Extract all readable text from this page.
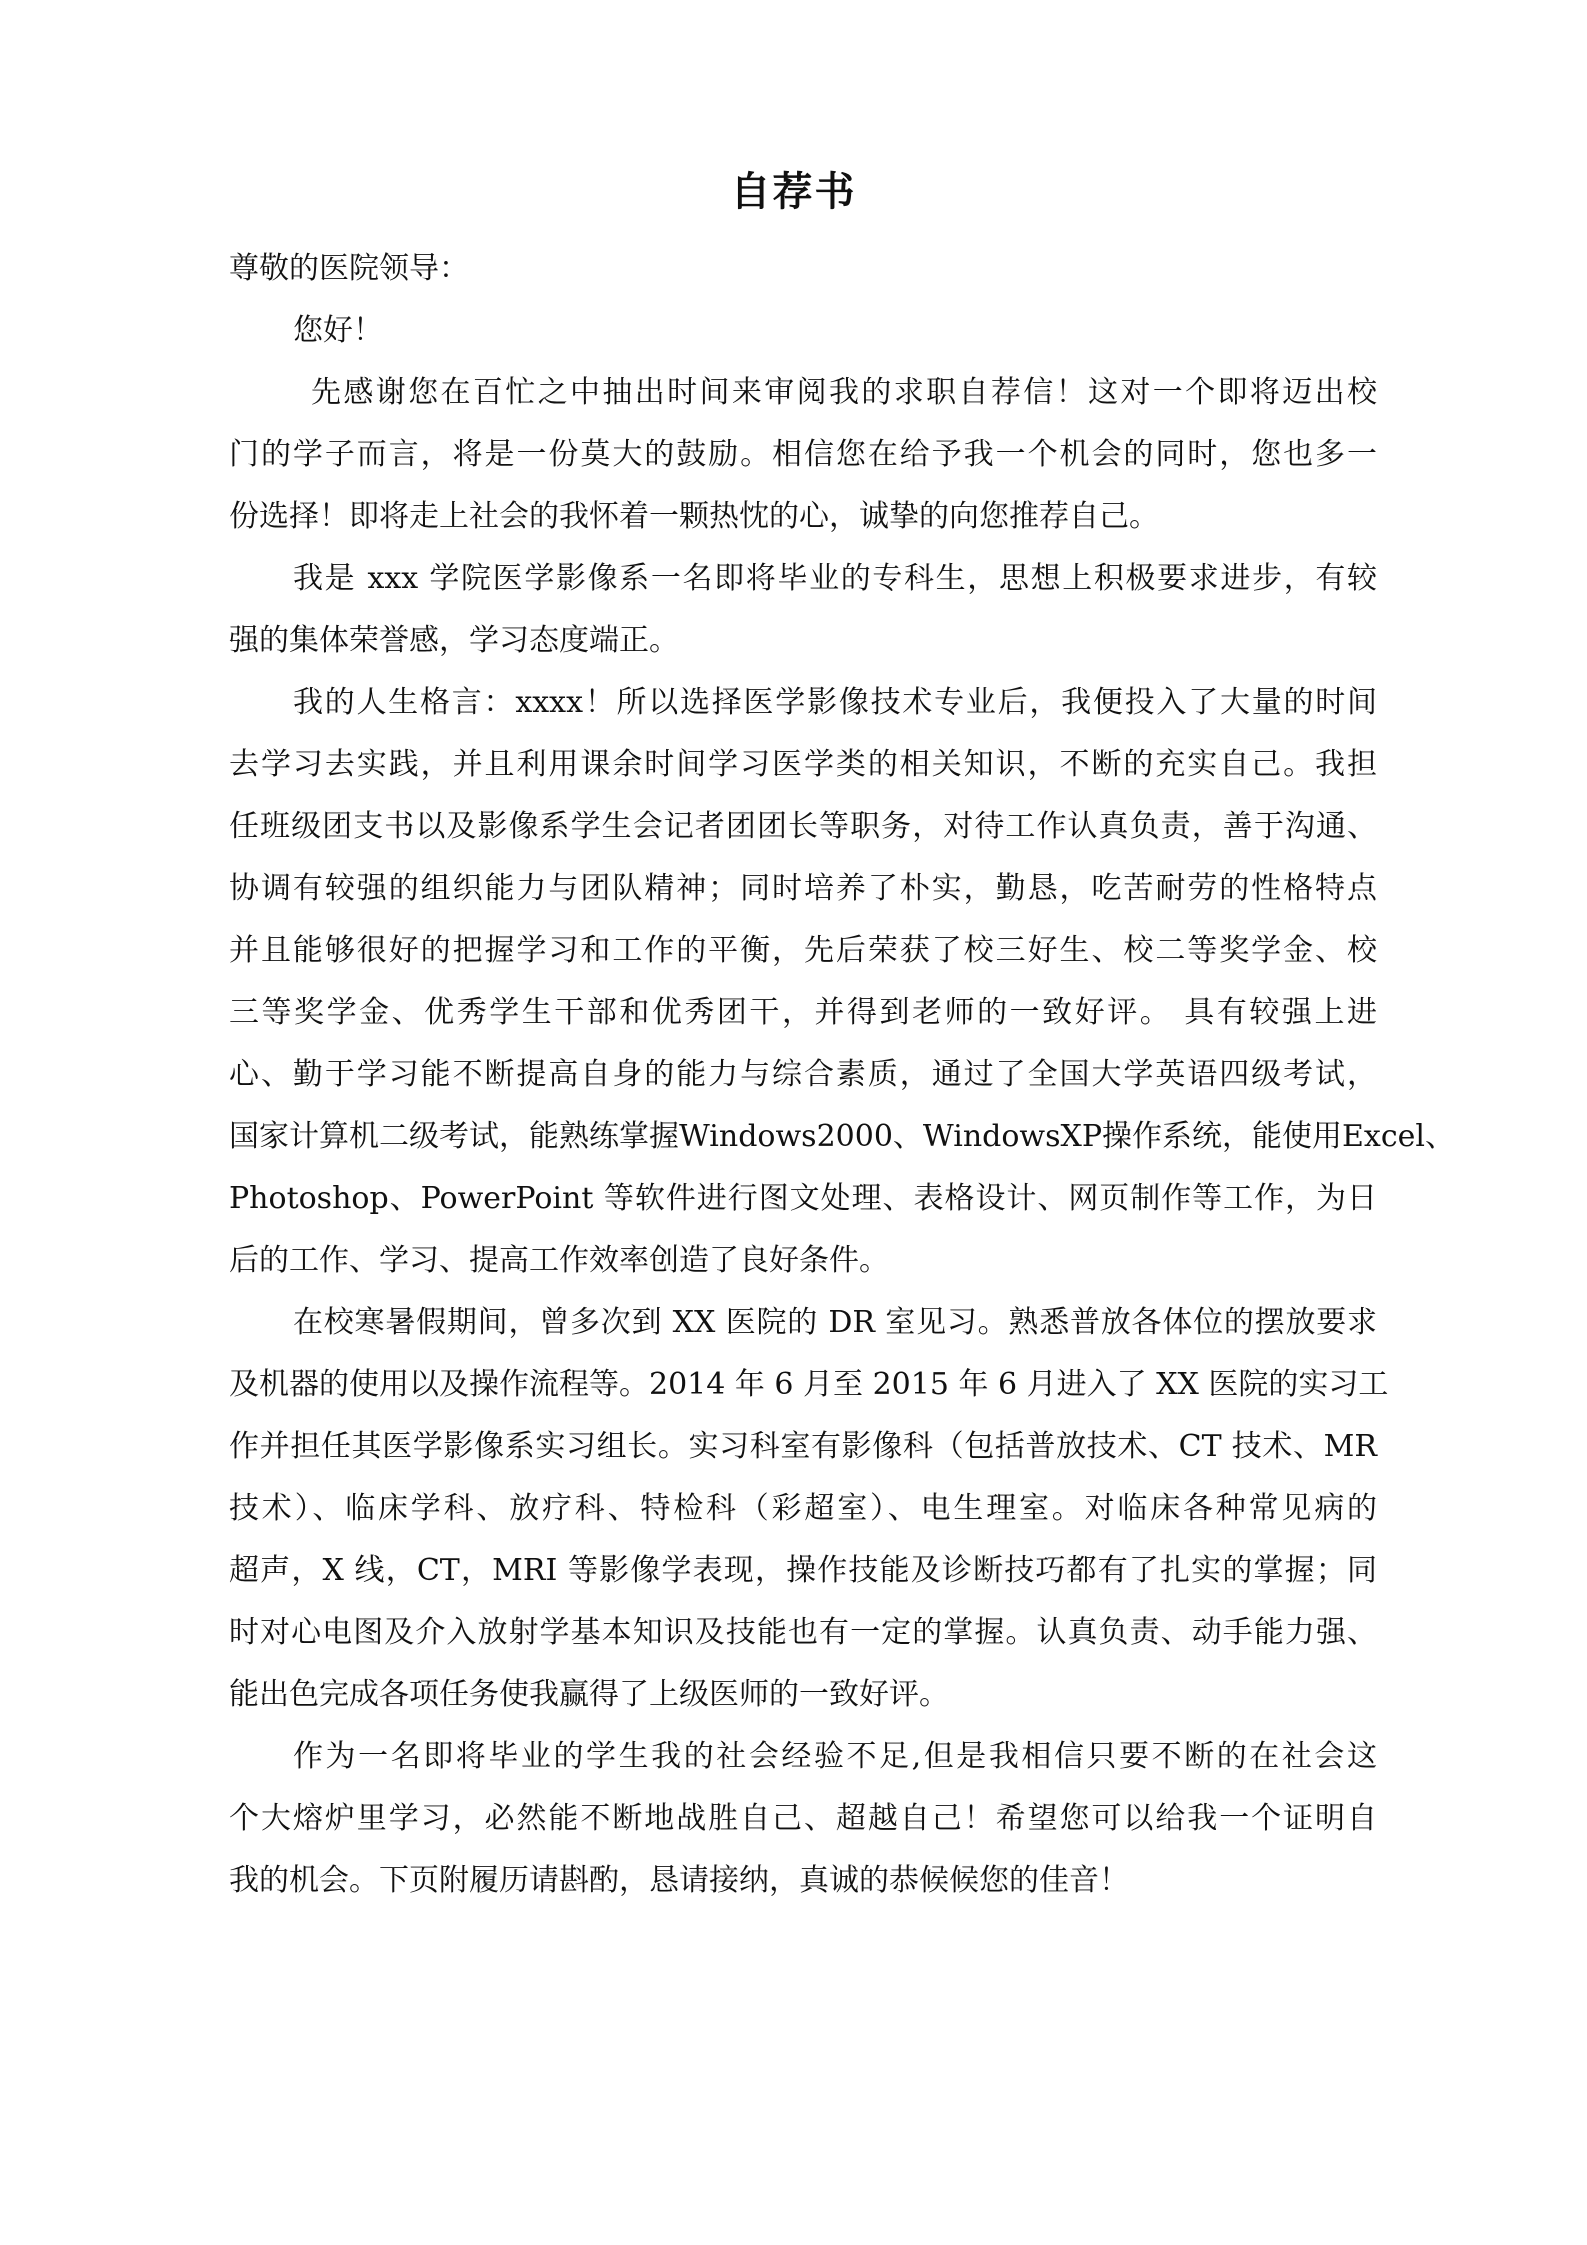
自荐书
尊敬的医院领导：
您好！
先感谢您在百忙之中抽出时间来审阅我的求职自荐信！这对一个即将迈出校
门的学子而言，将是一份莫大的鼓励。相信您在给予我一个机会的同时，您也多一
份选择！即将走上社会的我怀着一颗热忱的心，诚挚的向您推荐自己。
我是 xxx 学院医学影像系一名即将毕业的专科生，思想上积极要求进步，有较
强的集体荣誉感，学习态度端正。
我的人生格言：xxxx！所以选择医学影像技术专业后，我便投入了大量的时间
去学习去实践，并且利用课余时间学习医学类的相关知识，不断的充实自己。我担
任班级团支书以及影像系学生会记者团团长等职务，对待工作认真负责，善于沟通、
协调有较强的组织能力与团队精神；同时培养了朴实，勤恳，吃苦耐劳的性格特点
并且能够很好的把握学习和工作的平衡，先后荣获了校三好生、校二等奖学金、校
三等奖学金、优秀学生干部和优秀团干，并得到老师的一致好评。 具有较强上进
心、勤于学习能不断提高自身的能力与综合素质，通过了全国大学英语四级考试，
国家计算机二级考试，能熟练掌握Windows2000、WindowsXP操作系统，能使用Excel、
Photoshop、PowerPoint 等软件进行图文处理、表格设计、网页制作等工作，为日
后的工作、学习、提高工作效率创造了良好条件。
在校寒暑假期间，曾多次到 XX 医院的 DR 室见习。熟悉普放各体位的摆放要求
及机器的使用以及操作流程等。2014 年 6 月至 2015 年 6 月进入了 XX 医院的实习工
作并担任其医学影像系实习组长。实习科室有影像科（包括普放技术、CT 技术、MR
技术）、临床学科、放疗科、特检科（彩超室）、电生理室。对临床各种常见病的
超声，X 线，CT，MRI 等影像学表现，操作技能及诊断技巧都有了扎实的掌握；同
时对心电图及介入放射学基本知识及技能也有一定的掌握。认真负责、动手能力强、
能出色完成各项任务使我赢得了上级医师的一致好评。
作为一名即将毕业的学生我的社会经验不足,但是我相信只要不断的在社会这
个大熔炉里学习，必然能不断地战胜自己、超越自己！希望您可以给我一个证明自
我的机会。下页附履历请斟酌，恳请接纳，真诚的恭候候您的佳音！
